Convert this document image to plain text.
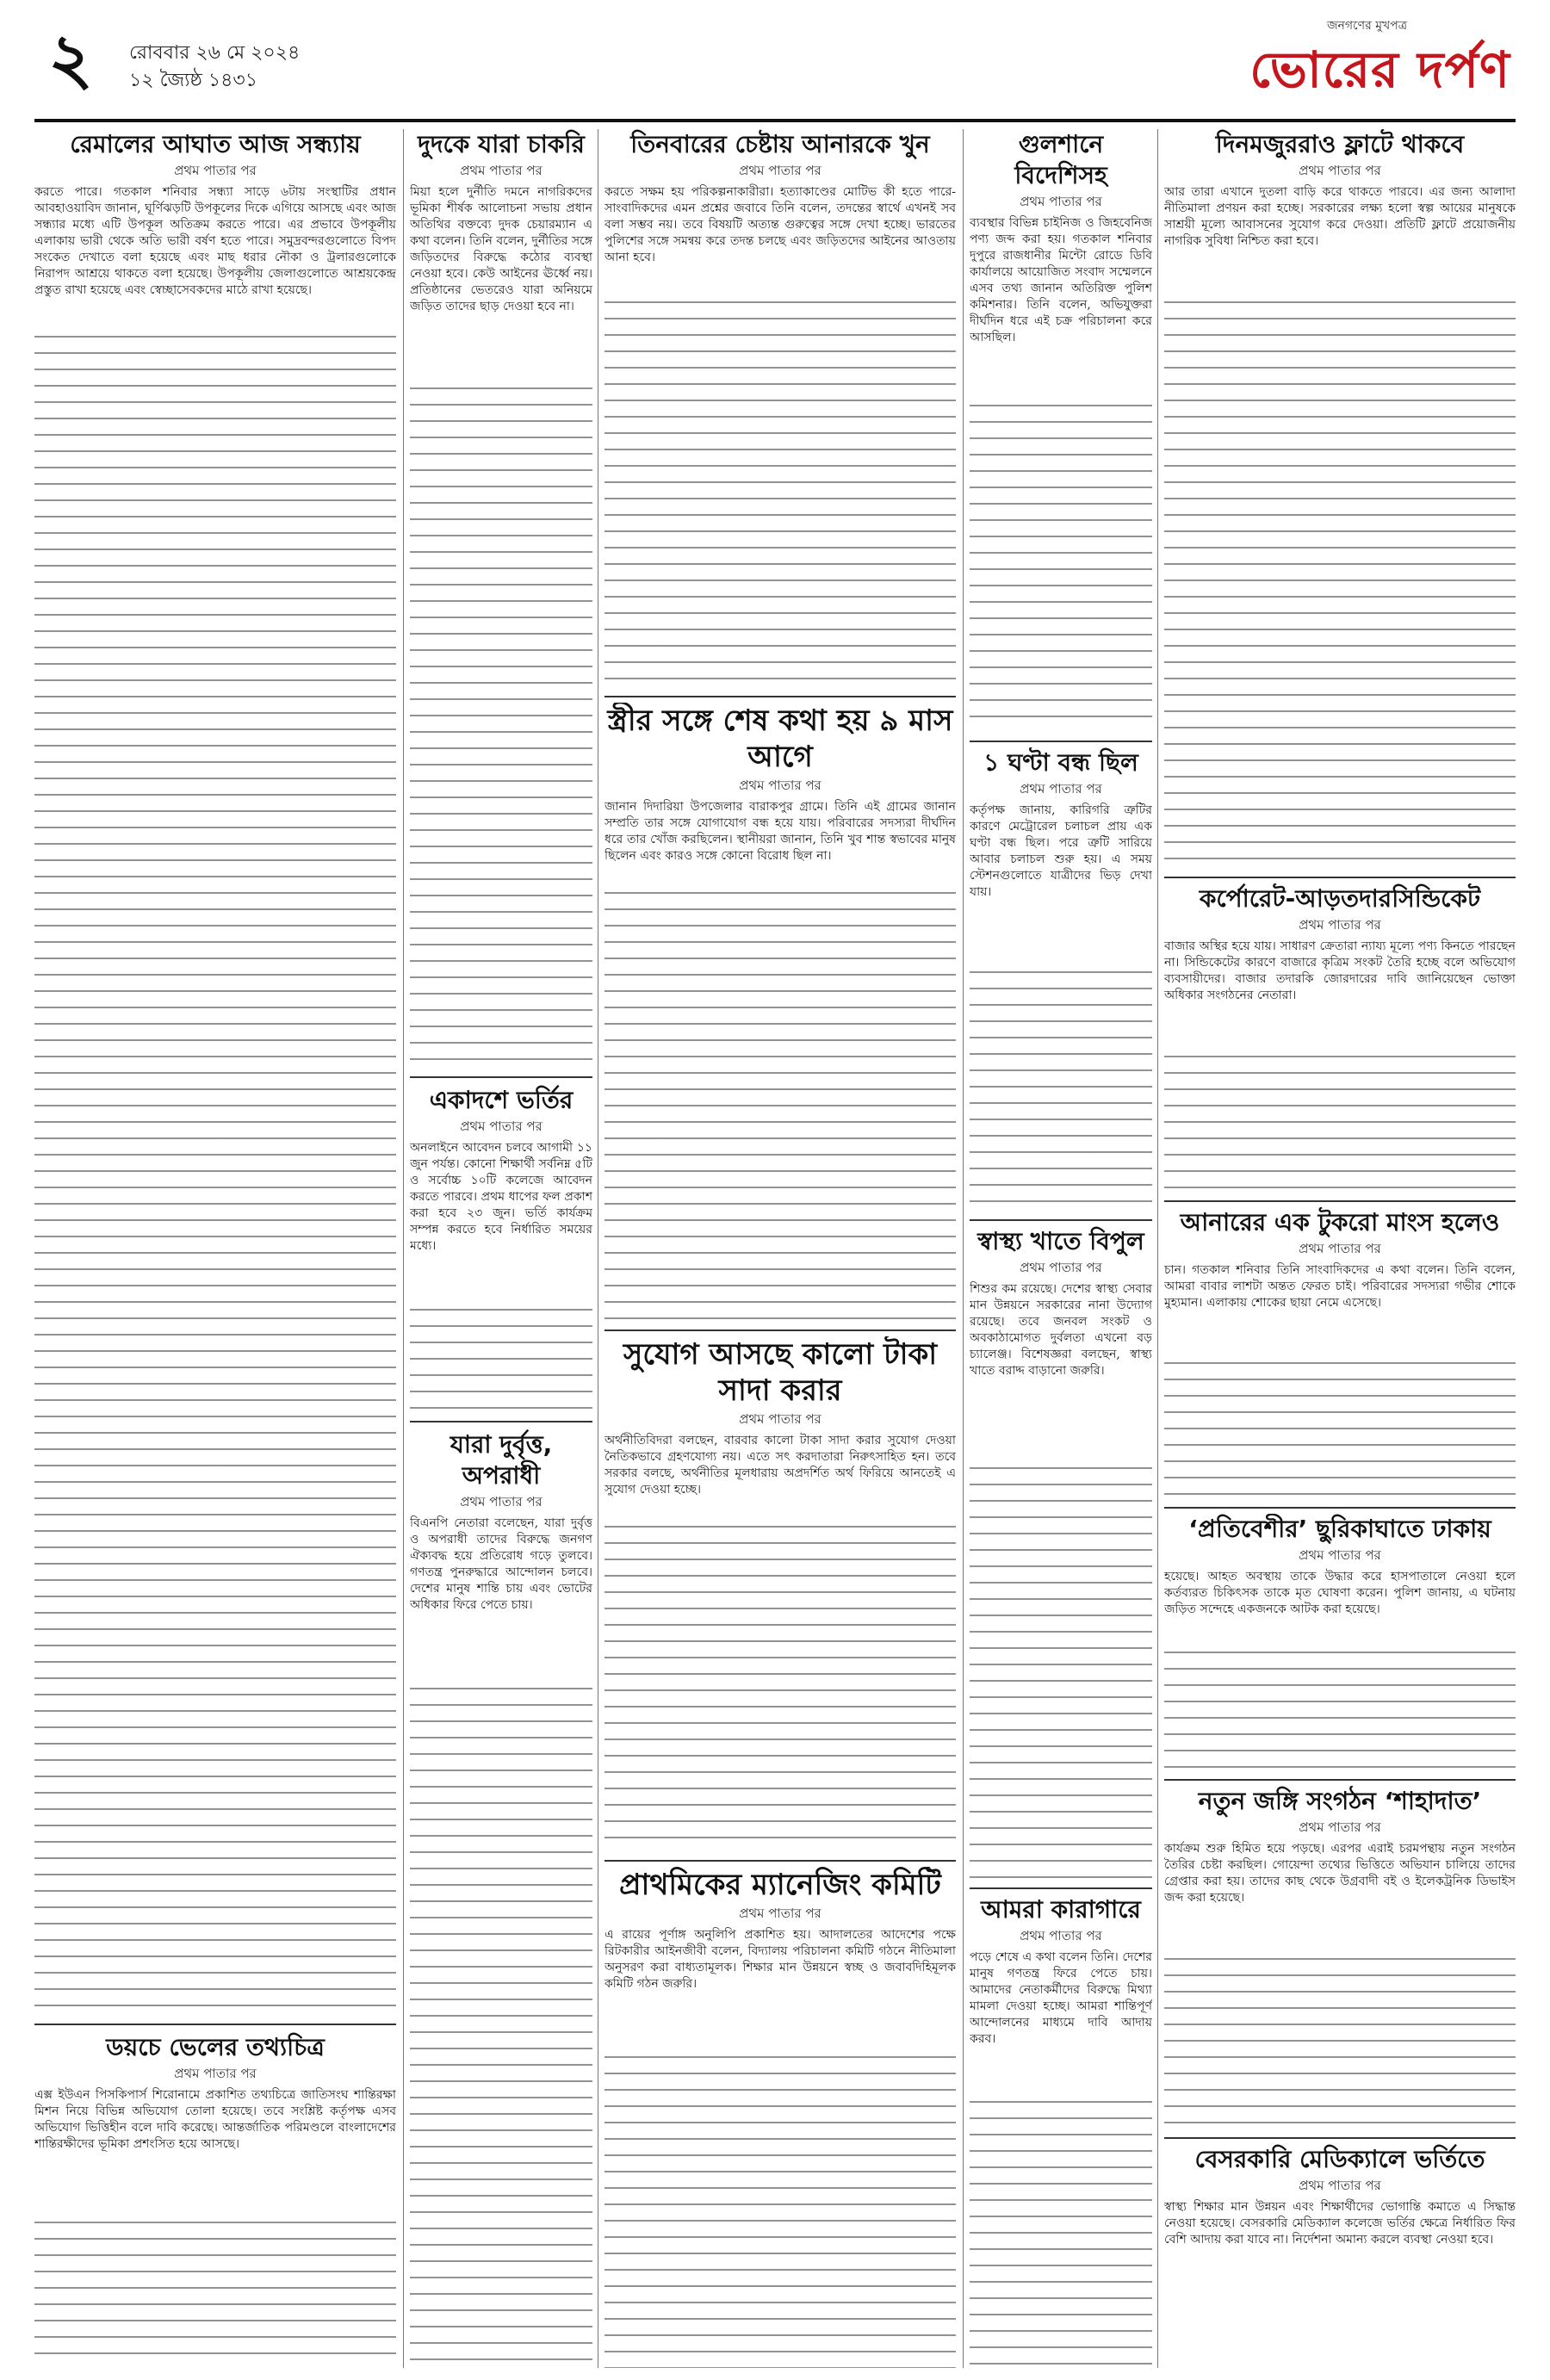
২ রোববার ২৬ মে ২০২৪
১২ জ্যৈষ্ঠ ১৪৩১
জনগণের মুখপত্র
ভোরের দর্পণ
রেমালের আঘাত আজ সন্ধ্যায়
প্রথম পাতার পর

করতে পারে। গতকাল শনিবার সন্ধ্যা সাড়ে ৬টায় সংস্থাটির প্রধান আবহাওয়াবিদ জানান, ঘূর্ণিঝড়টি উপকূলের দিকে এগিয়ে আসছে এবং আজ সন্ধ্যার মধ্যে এটি উপকূল অতিক্রম করতে পারে। এর প্রভাবে উপকূলীয় এলাকায় ভারী থেকে অতি ভারী বর্ষণ হতে পারে। সমুদ্রবন্দরগুলোতে বিপদ সংকেত দেখাতে বলা হয়েছে এবং মাছ ধরার নৌকা ও ট্রলারগুলোকে নিরাপদ আশ্রয়ে থাকতে বলা হয়েছে। উপকূলীয় জেলাগুলোতে আশ্রয়কেন্দ্র প্রস্তুত রাখা হয়েছে এবং স্বেচ্ছাসেবকদের মাঠে রাখা হয়েছে।

ডয়চে ভেলের তথ্যচিত্র
প্রথম পাতার পর

এক্স ইউএন পিসকিপার্স শিরোনামে প্রকাশিত তথ্যচিত্রে জাতিসংঘ শান্তিরক্ষা মিশন নিয়ে বিভিন্ন অভিযোগ তোলা হয়েছে। তবে সংশ্লিষ্ট কর্তৃপক্ষ এসব অভিযোগ ভিত্তিহীন বলে দাবি করেছে। আন্তর্জাতিক পরিমণ্ডলে বাংলাদেশের শান্তিরক্ষীদের ভূমিকা প্রশংসিত হয়ে আসছে।

দুদকে যারা চাকরি
প্রথম পাতার পর

মিয়া হলে দুর্নীতি দমনে নাগরিকদের ভূমিকা শীর্ষক আলোচনা সভায় প্রধান অতিথির বক্তব্যে দুদক চেয়ারম্যান এ কথা বলেন। তিনি বলেন, দুর্নীতির সঙ্গে জড়িতদের বিরুদ্ধে কঠোর ব্যবস্থা নেওয়া হবে। কেউ আইনের ঊর্ধ্বে নয়। প্রতিষ্ঠানের ভেতরেও যারা অনিয়মে জড়িত তাদের ছাড় দেওয়া হবে না।

একাদশে ভর্তির
প্রথম পাতার পর

অনলাইনে আবেদন চলবে আগামী ১১ জুন পর্যন্ত। কোনো শিক্ষার্থী সর্বনিম্ন ৫টি ও সর্বোচ্চ ১০টি কলেজে আবেদন করতে পারবে। প্রথম ধাপের ফল প্রকাশ করা হবে ২৩ জুন। ভর্তি কার্যক্রম সম্পন্ন করতে হবে নির্ধারিত সময়ের মধ্যে।

যারা দুর্বৃত্ত, অপরাধী
প্রথম পাতার পর

বিএনপি নেতারা বলেছেন, যারা দুর্বৃত্ত ও অপরাধী তাদের বিরুদ্ধে জনগণ ঐক্যবদ্ধ হয়ে প্রতিরোধ গড়ে তুলবে। গণতন্ত্র পুনরুদ্ধারে আন্দোলন চলবে। দেশের মানুষ শান্তি চায় এবং ভোটের অধিকার ফিরে পেতে চায়।

তিনবারের চেষ্টায় আনারকে খুন
প্রথম পাতার পর

করতে সক্ষম হয় পরিকল্পনাকারীরা। হত্যাকাণ্ডের মোটিভ কী হতে পারে- সাংবাদিকদের এমন প্রশ্নের জবাবে তিনি বলেন, তদন্তের স্বার্থে এখনই সব বলা সম্ভব নয়। তবে বিষয়টি অত্যন্ত গুরুত্বের সঙ্গে দেখা হচ্ছে। ভারতের পুলিশের সঙ্গে সমন্বয় করে তদন্ত চলছে এবং জড়িতদের আইনের আওতায় আনা হবে।

স্ত্রীর সঙ্গে শেষ কথা হয় ৯ মাস আগে
প্রথম পাতার পর

জানান দিদারিয়া উপজেলার বারাকপুর গ্রামে। তিনি এই গ্রামের জানান সম্প্রতি তার সঙ্গে যোগাযোগ বন্ধ হয়ে যায়। পরিবারের সদস্যরা দীর্ঘদিন ধরে তার খোঁজ করছিলেন। স্থানীয়রা জানান, তিনি খুব শান্ত স্বভাবের মানুষ ছিলেন এবং কারও সঙ্গে কোনো বিরোধ ছিল না।

সুযোগ আসছে কালো টাকা সাদা করার
প্রথম পাতার পর

অর্থনীতিবিদরা বলছেন, বারবার কালো টাকা সাদা করার সুযোগ দেওয়া নৈতিকভাবে গ্রহণযোগ্য নয়। এতে সৎ করদাতারা নিরুৎসাহিত হন। তবে সরকার বলছে, অর্থনীতির মূলধারায় অপ্রদর্শিত অর্থ ফিরিয়ে আনতেই এ সুযোগ দেওয়া হচ্ছে।

প্রাথমিকের ম্যানেজিং কমিটি
প্রথম পাতার পর

এ রায়ের পূর্ণাঙ্গ অনুলিপি প্রকাশিত হয়। আদালতের আদেশের পক্ষে রিটকারীর আইনজীবী বলেন, বিদ্যালয় পরিচালনা কমিটি গঠনে নীতিমালা অনুসরণ করা বাধ্যতামূলক। শিক্ষার মান উন্নয়নে স্বচ্ছ ও জবাবদিহিমূলক কমিটি গঠন জরুরি।

গুলশানে বিদেশিসহ
প্রথম পাতার পর

ব্যবস্থার বিভিন্ন চাইনিজ ও জিহবেনিজ পণ্য জব্দ করা হয়। গতকাল শনিবার দুপুরে রাজধানীর মিন্টো রোডে ডিবি কার্যালয়ে আয়োজিত সংবাদ সম্মেলনে এসব তথ্য জানান অতিরিক্ত পুলিশ কমিশনার। তিনি বলেন, অভিযুক্তরা দীর্ঘদিন ধরে এই চক্র পরিচালনা করে আসছিল।

১ ঘণ্টা বন্ধ ছিল
প্রথম পাতার পর

কর্তৃপক্ষ জানায়, কারিগরি ত্রুটির কারণে মেট্রোরেল চলাচল প্রায় এক ঘণ্টা বন্ধ ছিল। পরে ত্রুটি সারিয়ে আবার চলাচল শুরু হয়। এ সময় স্টেশনগুলোতে যাত্রীদের ভিড় দেখা যায়।

স্বাস্থ্য খাতে বিপুল
প্রথম পাতার পর

শিশুর কম রয়েছে। দেশের স্বাস্থ্য সেবার মান উন্নয়নে সরকারের নানা উদ্যোগ রয়েছে। তবে জনবল সংকট ও অবকাঠামোগত দুর্বলতা এখনো বড় চ্যালেঞ্জ। বিশেষজ্ঞরা বলছেন, স্বাস্থ্য খাতে বরাদ্দ বাড়ানো জরুরি।

আমরা কারাগারে
প্রথম পাতার পর

পড়ে শেষে এ কথা বলেন তিনি। দেশের মানুষ গণতন্ত্র ফিরে পেতে চায়। আমাদের নেতাকর্মীদের বিরুদ্ধে মিথ্যা মামলা দেওয়া হচ্ছে। আমরা শান্তিপূর্ণ আন্দোলনের মাধ্যমে দাবি আদায় করব।

দিনমজুররাও ফ্লাটে থাকবে
প্রথম পাতার পর

আর তারা এখানে দুতলা বাড়ি করে থাকতে পারবে। এর জন্য আলাদা নীতিমালা প্রণয়ন করা হচ্ছে। সরকারের লক্ষ্য হলো স্বল্প আয়ের মানুষকে সাশ্রয়ী মূল্যে আবাসনের সুযোগ করে দেওয়া। প্রতিটি ফ্লাটে প্রয়োজনীয় নাগরিক সুবিধা নিশ্চিত করা হবে।

কর্পোরেট-আড়তদারসিন্ডিকেট
প্রথম পাতার পর

বাজার অস্থির হয়ে যায়। সাধারণ ক্রেতারা ন্যায্য মূল্যে পণ্য কিনতে পারছেন না। সিন্ডিকেটের কারণে বাজারে কৃত্রিম সংকট তৈরি হচ্ছে বলে অভিযোগ ব্যবসায়ীদের। বাজার তদারকি জোরদারের দাবি জানিয়েছেন ভোক্তা অধিকার সংগঠনের নেতারা।

আনারের এক টুকরো মাংস হলেও
প্রথম পাতার পর

চান। গতকাল শনিবার তিনি সাংবাদিকদের এ কথা বলেন। তিনি বলেন, আমরা বাবার লাশটা অন্তত ফেরত চাই। পরিবারের সদস্যরা গভীর শোকে মুহ্যমান। এলাকায় শোকের ছায়া নেমে এসেছে।

‘প্রতিবেশীর’ ছুরিকাঘাতে ঢাকায়
প্রথম পাতার পর

হয়েছে। আহত অবস্থায় তাকে উদ্ধার করে হাসপাতালে নেওয়া হলে কর্তব্যরত চিকিৎসক তাকে মৃত ঘোষণা করেন। পুলিশ জানায়, এ ঘটনায় জড়িত সন্দেহে একজনকে আটক করা হয়েছে।

নতুন জঙ্গি সংগঠন ‘শাহাদাত’
প্রথম পাতার পর

কার্যক্রম শুরু হিমিত হয়ে পড়ছে। এরপর এরাই চরমপন্থায় নতুন সংগঠন তৈরির চেষ্টা করছিল। গোয়েন্দা তথ্যের ভিত্তিতে অভিযান চালিয়ে তাদের গ্রেপ্তার করা হয়। তাদের কাছ থেকে উগ্রবাদী বই ও ইলেকট্রনিক ডিভাইস জব্দ করা হয়েছে।

বেসরকারি মেডিক্যালে ভর্তিতে
প্রথম পাতার পর

স্বাস্থ্য শিক্ষার মান উন্নয়ন এবং শিক্ষার্থীদের ভোগান্তি কমাতে এ সিদ্ধান্ত নেওয়া হয়েছে। বেসরকারি মেডিক্যাল কলেজে ভর্তির ক্ষেত্রে নির্ধারিত ফির বেশি আদায় করা যাবে না। নির্দেশনা অমান্য করলে ব্যবস্থা নেওয়া হবে।
